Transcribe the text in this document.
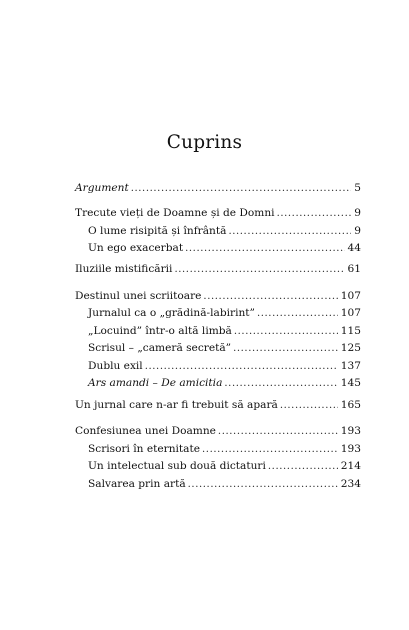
Cuprins
Argument .....	5
Trecute vieți de Doamne și de Domni .....	9
O lume risipită și înfrântă .....	9
Un ego exacerbat .....	44
Iluziile mistificării .....	61
Destinul unei scriitoare .....	107
Jurnalul ca o „grădină-labirint” .....	107
„Locuind” într-o altă limbă .....	115
Scrisul – „cameră secretă” .....	125
Dublu exil .....	137
Ars amandi – De amicitia .....	145
Un jurnal care n-ar fi trebuit să apară .....	165
Confesiunea unei Doamne .....	193
Scrisori în eternitate .....	193
Un intelectual sub două dictaturi .....	214
Salvarea prin artă .....	234
